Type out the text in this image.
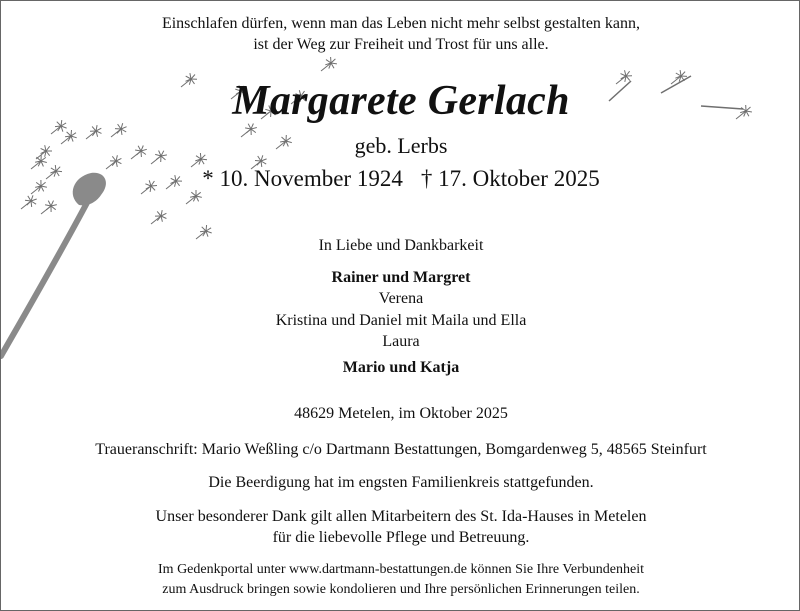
Einschlafen dürfen, wenn man das Leben nicht mehr selbst gestalten kann,
ist der Weg zur Freiheit und Trost für uns alle.
Margarete Gerlach
geb. Lerbs
* 10. November 1924 † 17. Oktober 2025
In Liebe und Dankbarkeit
Rainer und Margret
Verena
Kristina und Daniel mit Maila und Ella
Laura
Mario und Katja
48629 Metelen, im Oktober 2025
Traueranschrift: Mario Weßling c/o Dartmann Bestattungen, Bomgardenweg 5, 48565 Steinfurt
Die Beerdigung hat im engsten Familienkreis stattgefunden.
Unser besonderer Dank gilt allen Mitarbeitern des St. Ida-Hauses in Metelen
für die liebevolle Pflege und Betreuung.
Im Gedenkportal unter www.dartmann-bestattungen.de können Sie Ihre Verbundenheit
zum Ausdruck bringen sowie kondolieren und Ihre persönlichen Erinnerungen teilen.
